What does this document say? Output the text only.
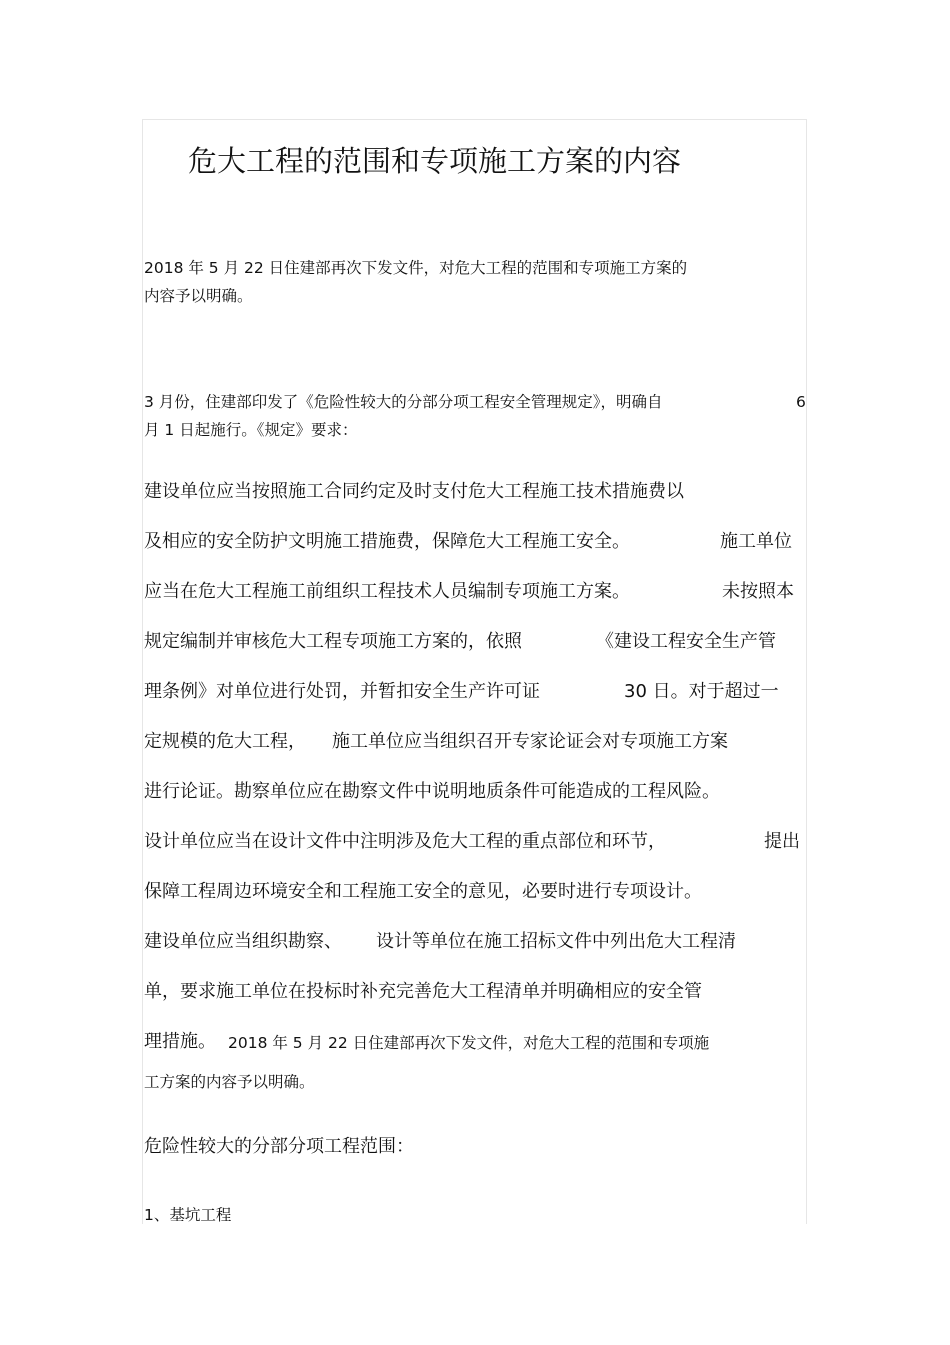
危大工程的范围和专项施工方案的内容

2018 年 5 月 22 日住建部再次下发文件，对危大工程的范围和专项施工方案的

内容予以明确。

3 月份，住建部印发了《危险性较大的分部分项工程安全管理规定》，明确自	6

月 1 日起施行。《规定》要求：

建设单位应当按照施工合同约定及时支付危大工程施工技术措施费以

及相应的安全防护文明施工措施费，保障危大工程施工安全。	施工单位

应当在危大工程施工前组织工程技术人员编制专项施工方案。	未按照本

规定编制并审核危大工程专项施工方案的，依照	《建设工程安全生产管

理条例》对单位进行处罚，并暂扣安全生产许可证	30 日。对于超过一

定规模的危大工程， 施工单位应当组织召开专家论证会对专项施工方案

进行论证。勘察单位应在勘察文件中说明地质条件可能造成的工程风险。

设计单位应当在设计文件中注明涉及危大工程的重点部位和环节，	提出

保障工程周边环境安全和工程施工安全的意见，必要时进行专项设计。

建设单位应当组织勘察、 设计等单位在施工招标文件中列出危大工程清

单，要求施工单位在投标时补充完善危大工程清单并明确相应的安全管

理措施。 2018 年 5 月 22 日住建部再次下发文件，对危大工程的范围和专项施

工方案的内容予以明确。

危险性较大的分部分项工程范围：

1、基坑工程
